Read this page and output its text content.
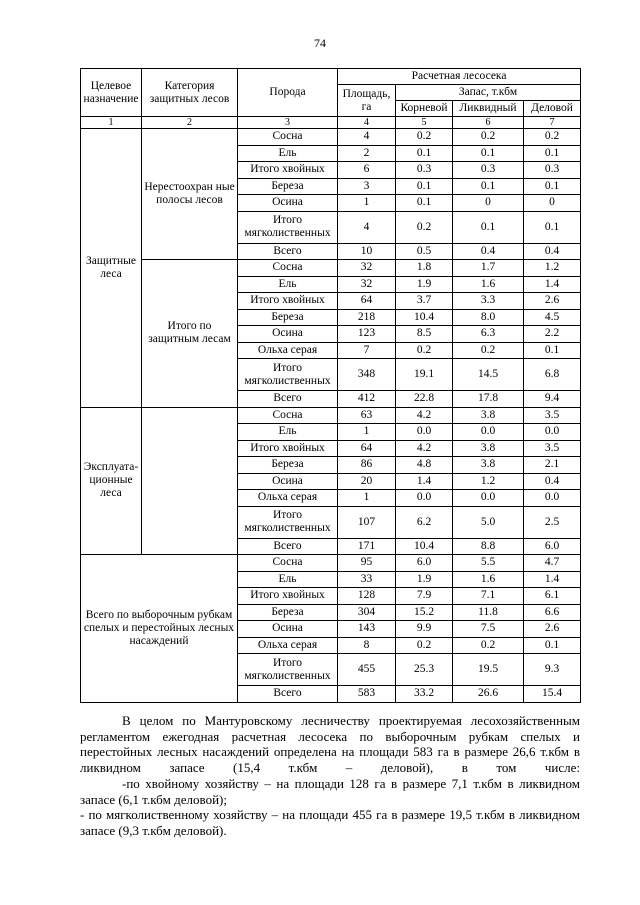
74
Целевое назначение	Категория защитных лесов	Порода	Расчетная лесосека			
			Площадь, га	Запас, т.кбм		
				Корневой	Ликвидный	Деловой
1	2	3	4	5	6	7
Защитные леса	Нерестоохран ные полосы лесов	Сосна	4	0.2	0.2	0.2
		Ель	2	0.1	0.1	0.1
		Итого хвойных	6	0.3	0.3	0.3
		Береза	3	0.1	0.1	0.1
		Осина	1	0.1	0	0
		Итого мягколиственных	4	0.2	0.1	0.1
		Всего	10	0.5	0.4	0.4
	Итого по защитным лесам	Сосна	32	1.8	1.7	1.2
		Ель	32	1.9	1.6	1.4
		Итого хвойных	64	3.7	3.3	2.6
		Береза	218	10.4	8.0	4.5
		Осина	123	8.5	6.3	2.2
		Ольха серая	7	0.2	0.2	0.1
		Итого мягколиственных	348	19.1	14.5	6.8
		Всего	412	22.8	17.8	9.4
Эксплуата-ционные леса		Сосна	63	4.2	3.8	3.5
		Ель	1	0.0	0.0	0.0
		Итого хвойных	64	4.2	3.8	3.5
		Береза	86	4.8	3.8	2.1
		Осина	20	1.4	1.2	0.4
		Ольха серая	1	0.0	0.0	0.0
		Итого мягколиственных	107	6.2	5.0	2.5
		Всего	171	10.4	8.8	6.0
Всего по выборочным рубкам спелых и перестойных лесных насаждений		Сосна	95	6.0	5.5	4.7
		Ель	33	1.9	1.6	1.4
		Итого хвойных	128	7.9	7.1	6.1
		Береза	304	15.2	11.8	6.6
		Осина	143	9.9	7.5	2.6
		Ольха серая	8	0.2	0.2	0.1
		Итого мягколиственных	455	25.3	19.5	9.3
		Всего	583	33.2	26.6	15.4

В целом по Мантуровскому лесничеству проектируемая лесохозяйственным регламентом ежегодная расчетная лесосека по выборочным рубкам спелых и перестойных лесных насаждений определена на площади 583 га в размере 26,6 т.кбм в ликвидном запасе (15,4 т.кбм – деловой), в том числе:

-по хвойному хозяйству – на площади 128 га в размере 7,1 т.кбм в ликвидном запасе (6,1 т.кбм деловой);

- по мягколиственному хозяйству – на площади 455 га в размере 19,5 т.кбм в ликвидном запасе (9,3 т.кбм деловой).
